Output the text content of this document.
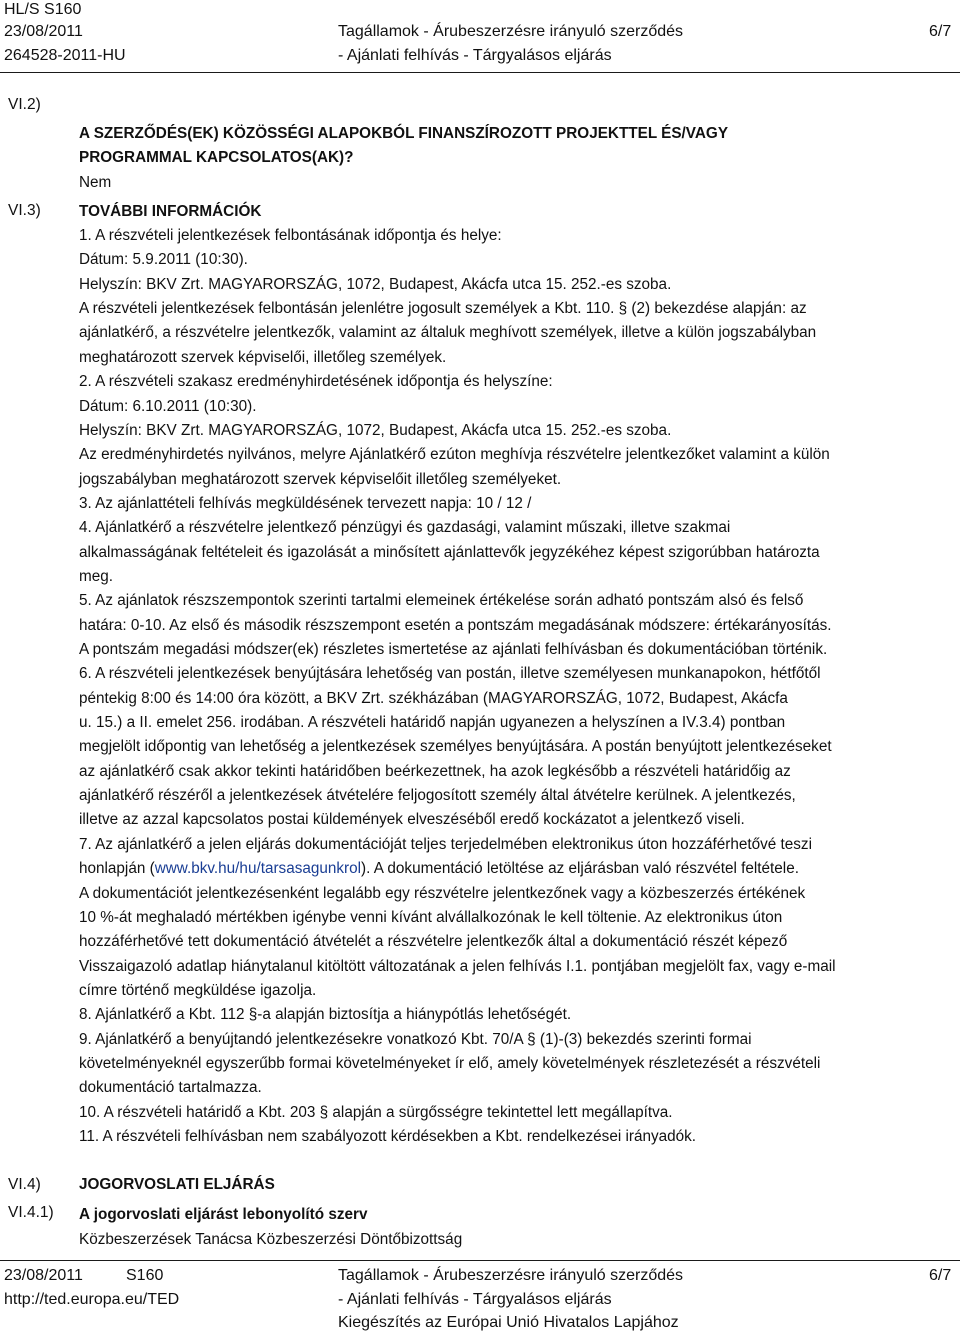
HL/S S160
23/08/2011
264528-2011-HU
Tagállamok - Árubeszerzésre irányuló szerződés
- Ajánlati felhívás - Tárgyalásos eljárás
6/7
VI.2)
VI.3)
VI.4)
VI.4.1)
A SZERZŐDÉS(EK) KÖZÖSSÉGI ALAPOKBÓL FINANSZÍROZOTT PROJEKTTEL ÉS/VAGY
PROGRAMMAL KAPCSOLATOS(AK)?
Nem
TOVÁBBI INFORMÁCIÓK
1. A részvételi jelentkezések felbontásának időpontja és helye:
Dátum: 5.9.2011 (10:30).
Helyszín: BKV Zrt. MAGYARORSZÁG, 1072, Budapest, Akácfa utca 15. 252.-es szoba.
A részvételi jelentkezések felbontásán jelenlétre jogosult személyek a Kbt. 110. § (2) bekezdése alapján: az
ajánlatkérő, a részvételre jelentkezők, valamint az általuk meghívott személyek, illetve a külön jogszabályban
meghatározott szervek képviselői, illetőleg személyek.
2. A részvételi szakasz eredményhirdetésének időpontja és helyszíne:
Dátum: 6.10.2011 (10:30).
Helyszín: BKV Zrt. MAGYARORSZÁG, 1072, Budapest, Akácfa utca 15. 252.-es szoba.
Az eredményhirdetés nyilvános, melyre Ajánlatkérő ezúton meghívja részvételre jelentkezőket valamint a külön
jogszabályban meghatározott szervek képviselőit illetőleg személyeket.
3. Az ajánlattételi felhívás megküldésének tervezett napja: 10 / 12 /
4. Ajánlatkérő a részvételre jelentkező pénzügyi és gazdasági, valamint műszaki, illetve szakmai
alkalmasságának feltételeit és igazolását a minősített ajánlattevők jegyzékéhez képest szigorúbban határozta
meg.
5. Az ajánlatok részszempontok szerinti tartalmi elemeinek értékelése során adható pontszám alsó és felső
határa: 0-10. Az első és második részszempont esetén a pontszám megadásának módszere: értékarányosítás.
A pontszám megadási módszer(ek) részletes ismertetése az ajánlati felhívásban és dokumentációban történik.
6. A részvételi jelentkezések benyújtására lehetőség van postán, illetve személyesen munkanapokon, hétfőtől
péntekig 8:00 és 14:00 óra között, a BKV Zrt. székházában (MAGYARORSZÁG, 1072, Budapest, Akácfa
u. 15.) a II. emelet 256. irodában. A részvételi határidő napján ugyanezen a helyszínen a IV.3.4) pontban
megjelölt időpontig van lehetőség a jelentkezések személyes benyújtására. A postán benyújtott jelentkezéseket
az ajánlatkérő csak akkor tekinti határidőben beérkezettnek, ha azok legkésőbb a részvételi határidőig az
ajánlatkérő részéről a jelentkezések átvételére feljogosított személy által átvételre kerülnek. A jelentkezés,
illetve az azzal kapcsolatos postai küldemények elveszéséből eredő kockázatot a jelentkező viseli.
7. Az ajánlatkérő a jelen eljárás dokumentációját teljes terjedelmében elektronikus úton hozzáférhetővé teszi
honlapján (www.bkv.hu/hu/tarsasagunkrol). A dokumentáció letöltése az eljárásban való részvétel feltétele.
A dokumentációt jelentkezésenként legalább egy részvételre jelentkezőnek vagy a közbeszerzés értékének
10 %-át meghaladó mértékben igénybe venni kívánt alvállalkozónak le kell töltenie. Az elektronikus úton
hozzáférhetővé tett dokumentáció átvételét a részvételre jelentkezők által a dokumentáció részét képező
Visszaigazoló adatlap hiánytalanul kitöltött változatának a jelen felhívás I.1. pontjában megjelölt fax, vagy e-mail
címre történő megküldése igazolja.
8. Ajánlatkérő a Kbt. 112 §-a alapján biztosítja a hiánypótlás lehetőségét.
9. Ajánlatkérő a benyújtandó jelentkezésekre vonatkozó Kbt. 70/A § (1)-(3) bekezdés szerinti formai
követelményeknél egyszerűbb formai követelményeket ír elő, amely követelmények részletezését a részvételi
dokumentáció tartalmazza.
10. A részvételi határidő a Kbt. 203 § alapján a sürgősségre tekintettel lett megállapítva.
11. A részvételi felhívásban nem szabályozott kérdésekben a Kbt. rendelkezései irányadók.
JOGORVOSLATI ELJÁRÁS
A jogorvoslati eljárást lebonyolító szerv
Közbeszerzések Tanácsa Közbeszerzési Döntőbizottság
23/08/2011	S160
http://ted.europa.eu/TED
Tagállamok - Árubeszerzésre irányuló szerződés
- Ajánlati felhívás - Tárgyalásos eljárás
Kiegészítés az Európai Unió Hivatalos Lapjához
6/7
